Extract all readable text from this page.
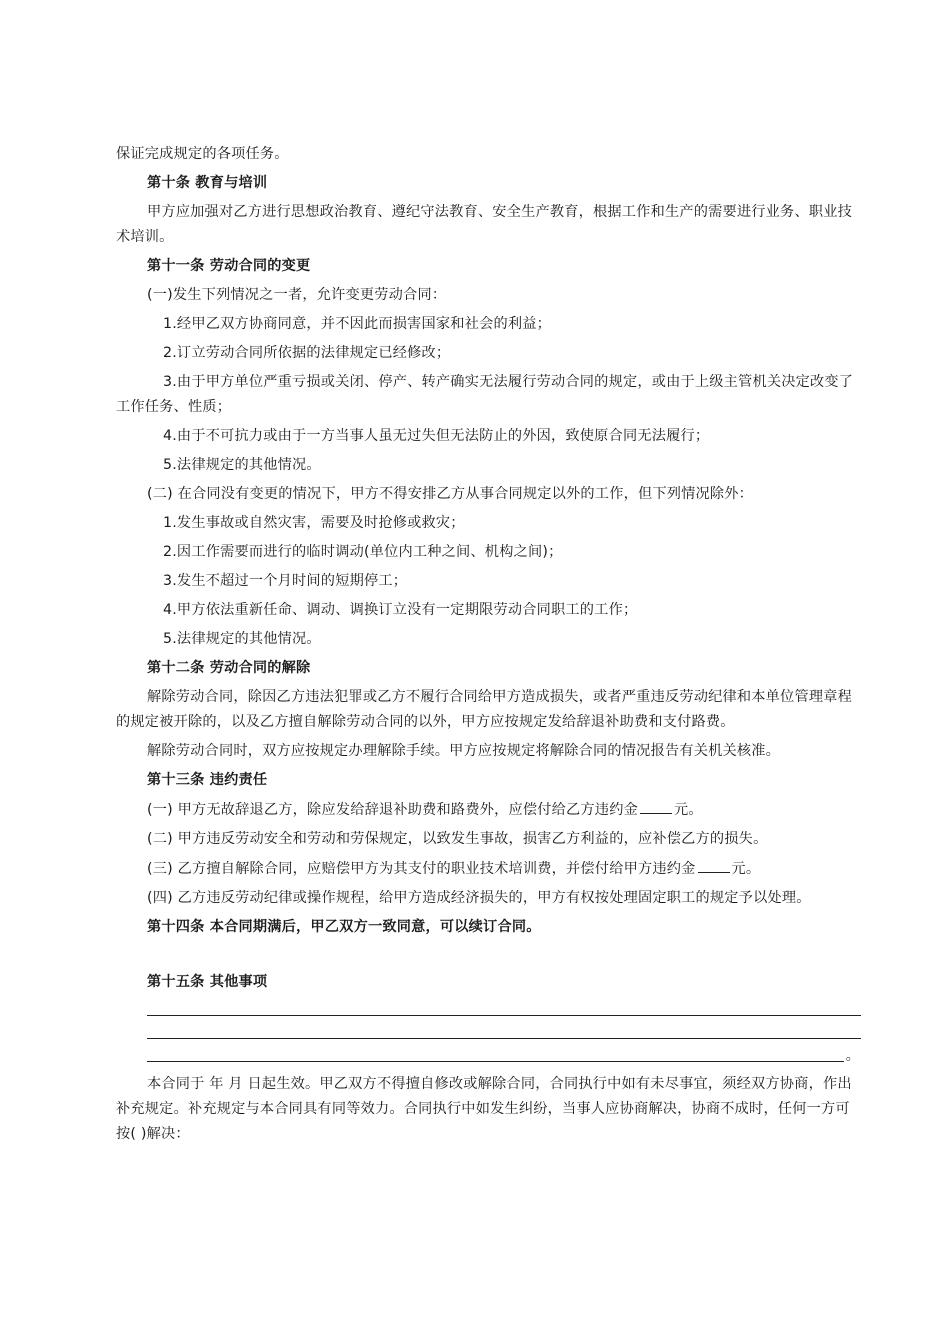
保证完成规定的各项任务。

第十条 教育与培训

甲方应加强对乙方进行思想政治教育、遵纪守法教育、安全生产教育，根据工作和生产的需要进行业务、职业技术培训。

第十一条 劳动合同的变更

(一)发生下列情况之一者，允许变更劳动合同：

1.经甲乙双方协商同意，并不因此而损害国家和社会的利益；

2.订立劳动合同所依据的法律规定已经修改；

3.由于甲方单位严重亏损或关闭、停产、转产确实无法履行劳动合同的规定，或由于上级主管机关决定改变了工作任务、性质；

4.由于不可抗力或由于一方当事人虽无过失但无法防止的外因，致使原合同无法履行；

5.法律规定的其他情况。

(二) 在合同没有变更的情况下，甲方不得安排乙方从事合同规定以外的工作，但下列情况除外：

1.发生事故或自然灾害，需要及时抢修或救灾；

2.因工作需要而进行的临时调动(单位内工种之间、机构之间)；

3.发生不超过一个月时间的短期停工；

4.甲方依法重新任命、调动、调换订立没有一定期限劳动合同职工的工作；

5.法律规定的其他情况。

第十二条 劳动合同的解除

解除劳动合同，除因乙方违法犯罪或乙方不履行合同给甲方造成损失，或者严重违反劳动纪律和本单位管理章程的规定被开除的，以及乙方擅自解除劳动合同的以外，甲方应按规定发给辞退补助费和支付路费。

解除劳动合同时，双方应按规定办理解除手续。甲方应按规定将解除合同的情况报告有关机关核准。

第十三条 违约责任

(一) 甲方无故辞退乙方，除应发给辞退补助费和路费外，应偿付给乙方违约金	元。

(二) 甲方违反劳动安全和劳动和劳保规定，以致发生事故，损害乙方利益的，应补偿乙方的损失。

(三) 乙方擅自解除合同，应赔偿甲方为其支付的职业技术培训费，并偿付给甲方违约金	元。

(四) 乙方违反劳动纪律或操作规程，给甲方造成经济损失的，甲方有权按处理固定职工的规定予以处理。

第十四条 本合同期满后，甲乙双方一致同意，可以续订合同。

第十五条 其他事项

。

本合同于 年 月 日起生效。甲乙双方不得擅自修改或解除合同，合同执行中如有未尽事宜，须经双方协商，作出补充规定。补充规定与本合同具有同等效力。合同执行中如发生纠纷，当事人应协商解决，协商不成时，任何一方可按( )解决：
